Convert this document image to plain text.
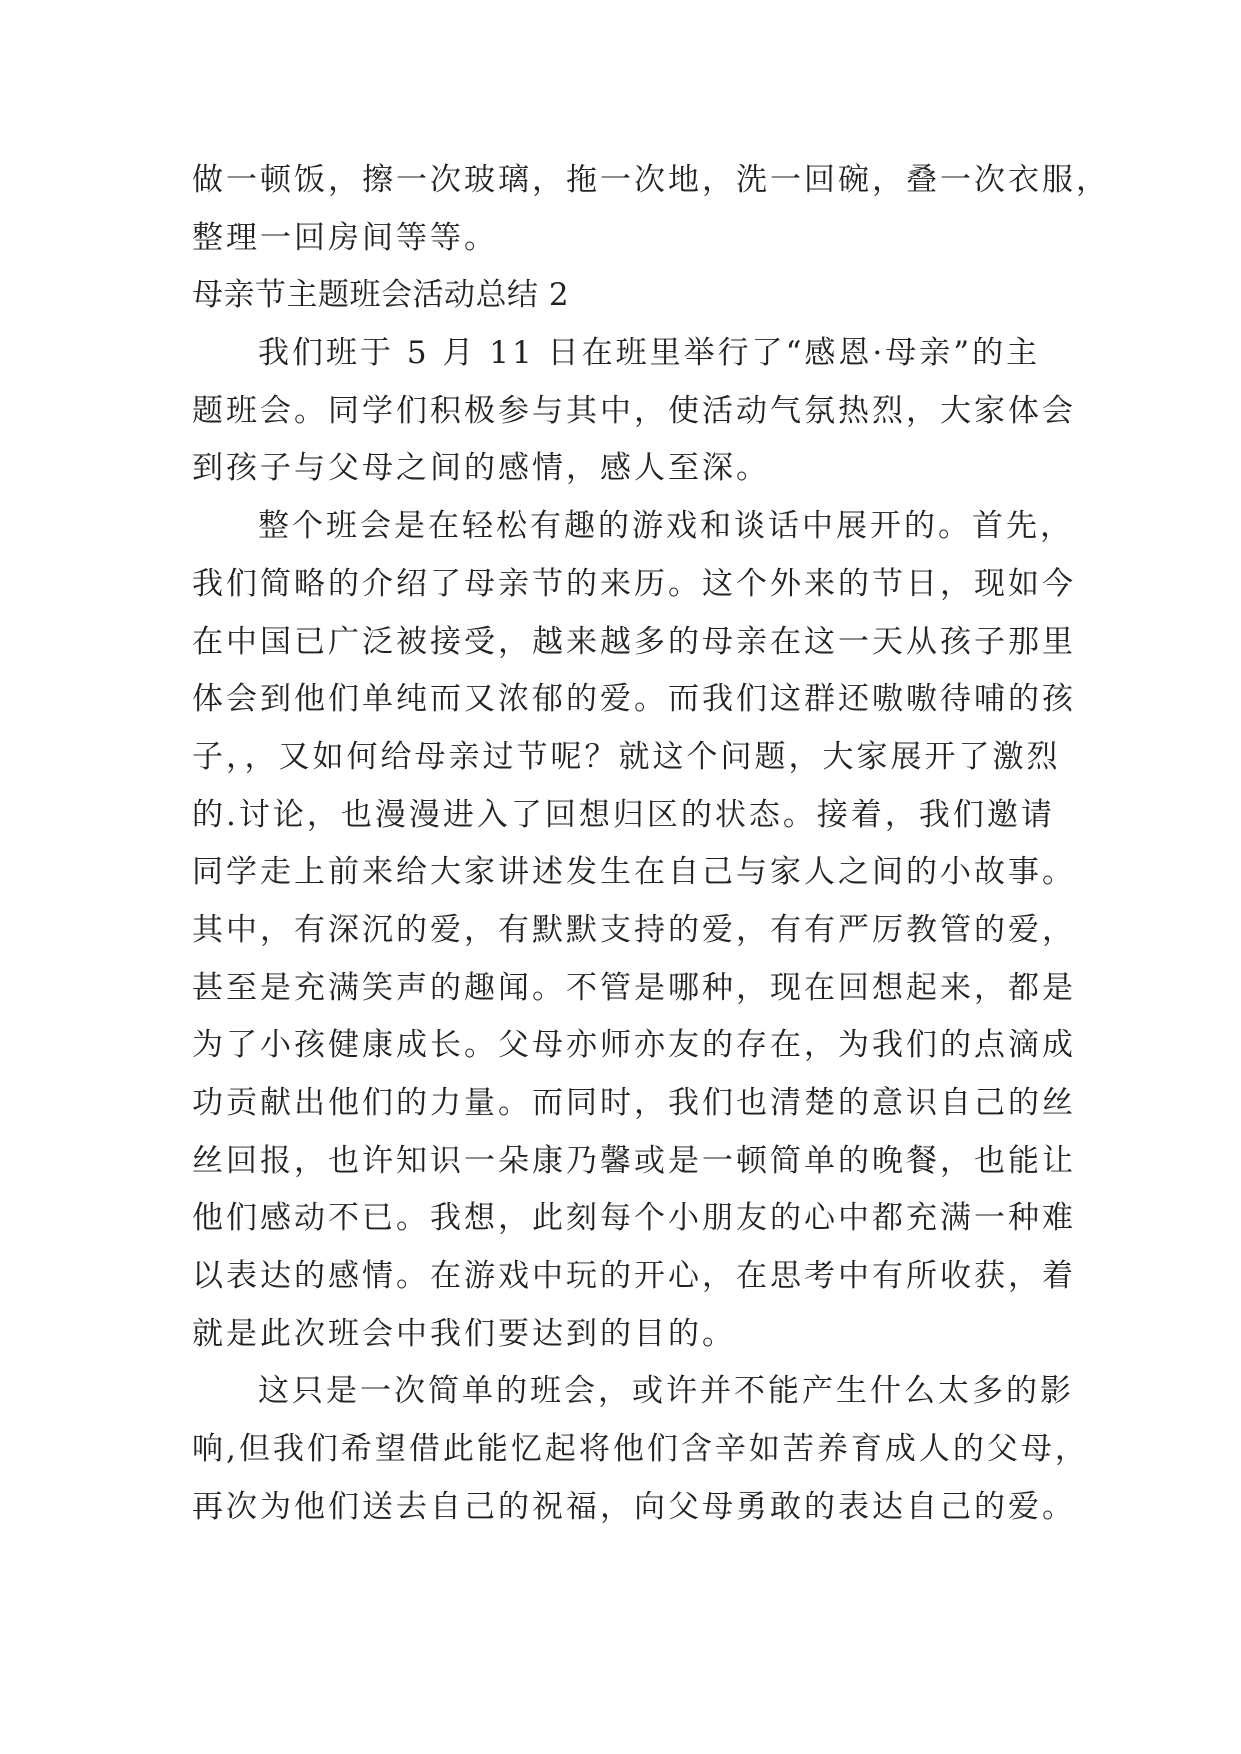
做一顿饭，擦一次玻璃，拖一次地，洗一回碗，叠一次衣服，
整理一回房间等等。
母亲节主题班会活动总结 2
我们班于 5 月 11 日在班里举行了“感恩·母亲”的主
题班会。同学们积极参与其中，使活动气氛热烈，大家体会
到孩子与父母之间的感情，感人至深。
整个班会是在轻松有趣的游戏和谈话中展开的。首先，
我们简略的介绍了母亲节的来历。这个外来的节日，现如今
在中国已广泛被接受，越来越多的母亲在这一天从孩子那里
体会到他们单纯而又浓郁的爱。而我们这群还嗷嗷待哺的孩
子，，又如何给母亲过节呢？就这个问题，大家展开了激烈
的.讨论，也漫漫进入了回想归区的状态。接着，我们邀请
同学走上前来给大家讲述发生在自己与家人之间的小故事。
其中，有深沉的爱，有默默支持的爱，有有严厉教管的爱，
甚至是充满笑声的趣闻。不管是哪种，现在回想起来，都是
为了小孩健康成长。父母亦师亦友的存在，为我们的点滴成
功贡献出他们的力量。而同时，我们也清楚的意识自己的丝
丝回报，也许知识一朵康乃馨或是一顿简单的晚餐，也能让
他们感动不已。我想，此刻每个小朋友的心中都充满一种难
以表达的感情。在游戏中玩的开心，在思考中有所收获，着
就是此次班会中我们要达到的目的。
这只是一次简单的班会，或许并不能产生什么太多的影
响,但我们希望借此能忆起将他们含辛如苦养育成人的父母，
再次为他们送去自己的祝福，向父母勇敢的表达自己的爱。
